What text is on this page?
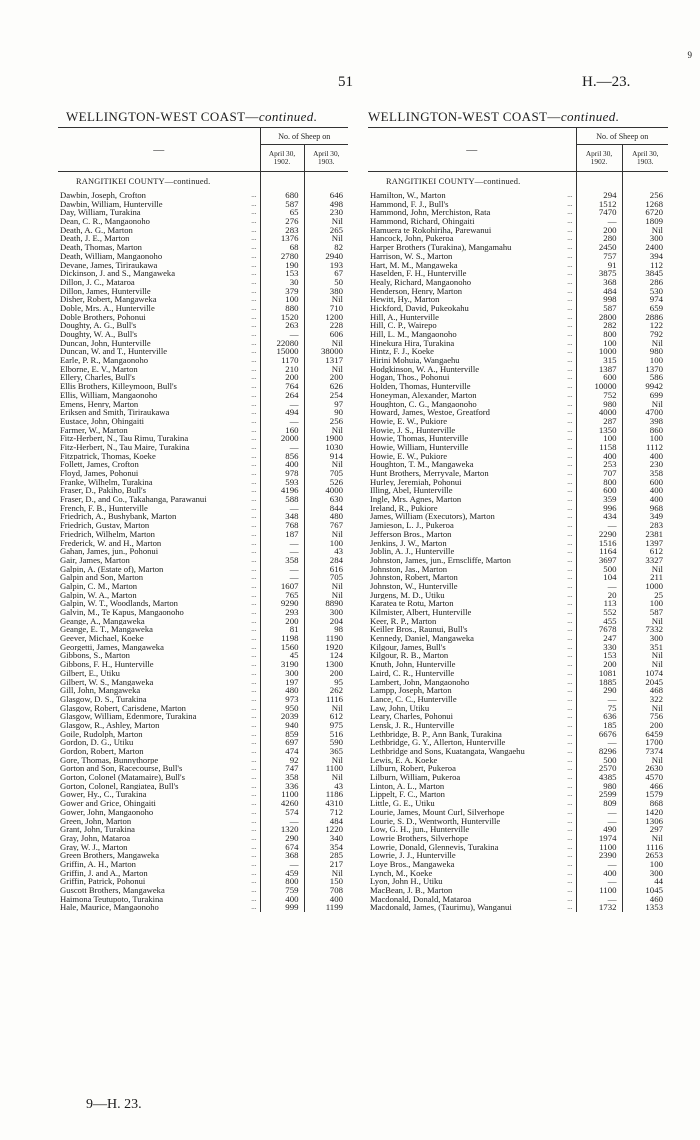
9
51	H.—23.
WELLINGTON-WEST COAST—continued.
—		No. of Sheep on	
		April 30, 1902.	April 30, 1903.
RANGITIKEI COUNTY—continued.			
Dawbin, Joseph, Crofton	...	680	646
Dawbin, William, Hunterville	...	587	498
Day, William, Turakina	...	65	230
Dean, C. R., Mangaonoho	...	276	Nil
Death, A. G., Marton	...	283	265
Death, J. E., Marton	...	1376	Nil
Death, Thomas, Marton	...	68	82
Death, William, Mangaonoho	...	2780	2940
Devane, James, Tiriraukawa	...	190	193
Dickinson, J. and S., Mangaweka	...	153	67
Dillon, J. C., Mataroa	...	30	50
Dillon, James, Hunterville	...	379	380
Disher, Robert, Mangaweka	...	100	Nil
Doble, Mrs. A., Hunterville	...	880	710
Doble Brothers, Pohonui	...	1520	1200
Doughty, A. G., Bull's	...	263	228
Doughty, W. A., Bull's	...	—	606
Duncan, John, Hunterville	...	22080	Nil
Duncan, W. and T., Hunterville	...	15000	38000
Earle, P. R., Mangaonoho	...	1170	1317
Elborne, E. V., Marton	...	210	Nil
Ellery, Charles, Bull's	...	200	200
Ellis Brothers, Killeymoon, Bull's	...	764	626
Ellis, William, Mangaonoho	...	264	254
Emens, Henry, Marton	...	—	97
Eriksen and Smith, Tiriraukawa	...	494	90
Eustace, John, Ohingaiti	...	—	256
Farmer, W., Marton	...	160	Nil
Fitz-Herbert, N., Tau Rimu, Turakina	...	2000	1900
Fitz-Herbert, N., Tau Maire, Turakina	...	—	1030
Fitzpatrick, Thomas, Koeke	...	856	914
Follett, James, Crofton	...	400	Nil
Floyd, James, Pohonui	...	978	705
Franke, Wilhelm, Turakina	...	593	526
Fraser, D., Pakiho, Bull's	...	4196	4000
Fraser, D., and Co., Takahanga, Parawanui	...	588	630
French, F. B., Hunterville	...	—	844
Friedrich, A., Bushybank, Marton	...	348	480
Friedrich, Gustav, Marton	...	768	767
Friedrich, Wilhelm, Marton	...	187	Nil
Frederick, W. and H., Marton	...	—	100
Gahan, James, jun., Pohonui	...	—	43
Gair, James, Marton	...	358	284
Galpin, A. (Estate of), Marton	...	—	616
Galpin and Son, Marton	...	—	705
Galpin, C. M., Marton	...	1607	Nil
Galpin, W. A., Marton	...	765	Nil
Galpin, W. T., Woodlands, Marton	...	9290	8890
Galvin, M., Te Kapus, Mangaonoho	...	293	300
Geange, A., Mangaweka	...	200	204
Geange, E. T., Mangaweka	...	81	98
Geever, Michael, Koeke	...	1198	1190
Georgetti, James, Mangaweka	...	1560	1920
Gibbons, S., Marton	...	45	124
Gibbons, F. H., Hunterville	...	3190	1300
Gilbert, E., Utiku	...	300	200
Gilbert, W. S., Mangaweka	...	197	95
Gill, John, Mangaweka	...	480	262
Glasgow, D. S., Turakina	...	973	1116
Glasgow, Robert, Carisdene, Marton	...	950	Nil
Glasgow, William, Edenmore, Turakina	...	2039	612
Glasgow, R., Ashley, Marton	...	940	975
Goile, Rudolph, Marton	...	859	516
Gordon, D. G., Utiku	...	697	590
Gordon, Robert, Marton	...	474	365
Gore, Thomas, Bunnythorpe	...	92	Nil
Gorton and Son, Racecourse, Bull's	...	747	1100
Gorton, Colonel (Matamaire), Bull's	...	358	Nil
Gorton, Colonel, Rangiatea, Bull's	...	336	43
Gower, Hy., C., Turakina	...	1100	1186
Gower and Grice, Ohingaiti	...	4260	4310
Gower, John, Mangaonoho	...	574	712
Green, John, Marton	...	—	484
Grant, John, Turakina	...	1320	1220
Gray, John, Mataroa	...	290	340
Gray, W. J., Marton	...	674	354
Green Brothers, Mangaweka	...	368	285
Griffin, A. H., Marton	...	—	217
Griffin, J. and A., Marton	...	459	Nil
Griffin, Patrick, Pohonui	...	800	150
Guscott Brothers, Mangaweka	...	759	708
Haimona Teutupoto, Turakina	...	400	400
Hale, Maurice, Mangaonoho	...	999	1199
WELLINGTON-WEST COAST—continued.
—		No. of Sheep on	
		April 30, 1902.	April 30, 1903.
RANGITIKEI COUNTY—continued.			
Hamilton, W., Marton	...	294	256
Hammond, F. J., Bull's	...	1512	1268
Hammond, John, Merchiston, Rata	...	7470	6720
Hammond, Richard, Ohingaiti	...	—	1809
Hamuera te Rokohiriha, Parewanui	...	200	Nil
Hancock, John, Pukeroa	...	280	300
Harper Brothers (Turakina), Mangamahu	...	2450	2400
Harrison, W. S., Marton	...	757	394
Hart, M. M., Mangaweka	...	91	112
Haselden, F. H., Hunterville	...	3875	3845
Healy, Richard, Mangaonoho	...	368	286
Henderson, Henry, Marton	...	484	530
Hewitt, Hy., Marton	...	998	974
Hickford, David, Pukeokahu	...	587	659
Hill, A., Hunterville	...	2800	2886
Hill, C. P., Wairepo	...	282	122
Hill, L. M., Mangaonoho	...	800	792
Hinekura Hira, Turakina	...	100	Nil
Hintz, F. J., Koeke	...	1000	980
Hirini Mohuia, Wangaehu	...	315	100
Hodgkinson, W. A., Hunterville	...	1387	1370
Hogan, Thos., Pohonui	...	600	586
Holden, Thomas, Hunterville	...	10000	9942
Honeyman, Alexander, Marton	...	752	699
Houghton, C. G., Mangaonoho	...	980	Nil
Howard, James, Westoe, Greatford	...	4000	4700
Howie, E. W., Pukiore	...	287	398
Howie, J. S., Hunterville	...	1350	860
Howie, Thomas, Hunterville	...	100	100
Howie, William, Hunterville	...	1158	1112
Howie, E. W., Pukiore	...	400	400
Houghton, T. M., Mangaweka	...	253	230
Hunt Brothers, Merryvale, Marton	...	707	358
Hurley, Jeremiah, Pohonui	...	800	600
Illing, Abel, Hunterville	...	600	400
Ingle, Mrs. Agnes, Marton	...	359	400
Ireland, R., Pukiore	...	996	968
James, William (Executors), Marton	...	434	349
Jamieson, L. J., Pukeroa	...	—	283
Jefferson Bros., Marton	...	2290	2381
Jenkins, J. W., Marton	...	1516	1397
Joblin, A. J., Hunterville	...	1164	612
Johnston, James, jun., Ernscliffe, Marton	...	3697	3327
Johnston, Jas., Marton	...	500	Nil
Johnston, Robert, Marton	...	104	211
Johnston, W., Hunterville	...	—	1000
Jurgens, M. D., Utiku	...	20	25
Karatea te Rotu, Marton	...	113	100
Kilmister, Albert, Hunterville	...	552	587
Keer, R. P., Marton	...	455	Nil
Keiller Bros., Raunui, Bull's	...	7678	7332
Kennedy, Daniel, Mangaweka	...	247	300
Kilgour, James, Bull's	...	330	351
Kilgour, R. B., Marton	...	153	Nil
Knuth, John, Hunterville	...	200	Nil
Laird, C. R., Hunterville	...	1081	1074
Lambert, John, Mangaonoho	...	1885	2045
Lampp, Joseph, Marton	...	290	468
Lance, C. C., Hunterville	...	—	322
Law, John, Utiku	...	75	Nil
Leary, Charles, Pohonui	...	636	756
Lensk, J. R., Hunterville	...	185	200
Lethbridge, B. P., Ann Bank, Turakina	...	6676	6459
Lethbridge, G. Y., Allerton, Hunterville	...	—	1700
Lethbridge and Sons, Kuatangata, Wangaehu	...	8296	7374
Lewis, E. A. Koeke	...	500	Nil
Lilburn, Robert, Pukeroa	...	2570	2630
Lilburn, William, Pukeroa	...	4385	4570
Linton, A. L., Marton	...	980	466
Lippelt, F. C., Marton	...	2599	1579
Little, G. E., Utiku	...	809	868
Lourie, James, Mount Curl, Silverhope	...	—	1420
Lourie, S. D., Wentworth, Hunterville	...	—	1306
Low, G. H., jun., Hunterville	...	490	297
Lowrie Brothers, Silverhope	...	1974	Nil
Lowrie, Donald, Glennevis, Turakina	...	1100	1116
Lowrie, J. J., Hunterville	...	2390	2653
Loye Bros., Mangaweka	...	—	100
Lynch, M., Koeke	...	400	300
Lyon, John H., Utiku	...	—	44
MacBean, J. B., Marton	...	1100	1045
Macdonald, Donald, Mataroa	...	—	460
Macdonald, James, (Taurimu), Wanganui	...	1732	1353
9—H. 23.
